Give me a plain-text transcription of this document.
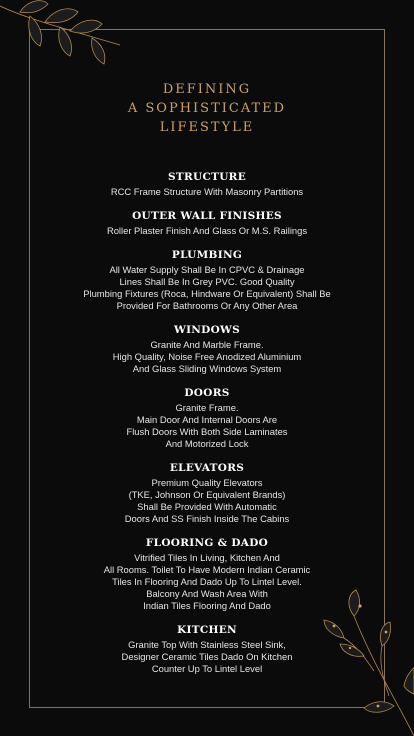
DEFINING
A SOPHISTICATED
LIFESTYLE
STRUCTURE
RCC Frame Structure With Masonry Partitions
OUTER WALL FINISHES
Roller Plaster Finish And Glass Or M.S. Railings
PLUMBING
All Water Supply Shall Be In CPVC & Drainage
Lines Shall Be In Grey PVC. Good Quality
Plumbing Fixtures (Roca, Hindware Or Equivalent) Shall Be
Provided For Bathrooms Or Any Other Area
WINDOWS
Granite And Marble Frame.
High Quality, Noise Free Anodized Aluminium
And Glass Sliding Windows System
DOORS
Granite Frame.
Main Door And Internal Doors Are
Flush Doors With Both Side Laminates
And Motorized Lock
ELEVATORS
Premium Quality Elevators
(TKE, Johnson Or Equivalent Brands)
Shall Be Provided With Automatic
Doors And SS Finish Inside The Cabins
FLOORING & DADO
Vitrified Tiles In Living, Kitchen And
All Rooms. Toilet To Have Modern Indian Ceramic
Tiles In Flooring And Dado Up To Lintel Level.
Balcony And Wash Area With
Indian Tiles Flooring And Dado
KITCHEN
Granite Top With Stainless Steel Sink,
Designer Ceramic Tiles Dado On Kitchen
Counter Up To Lintel Level
